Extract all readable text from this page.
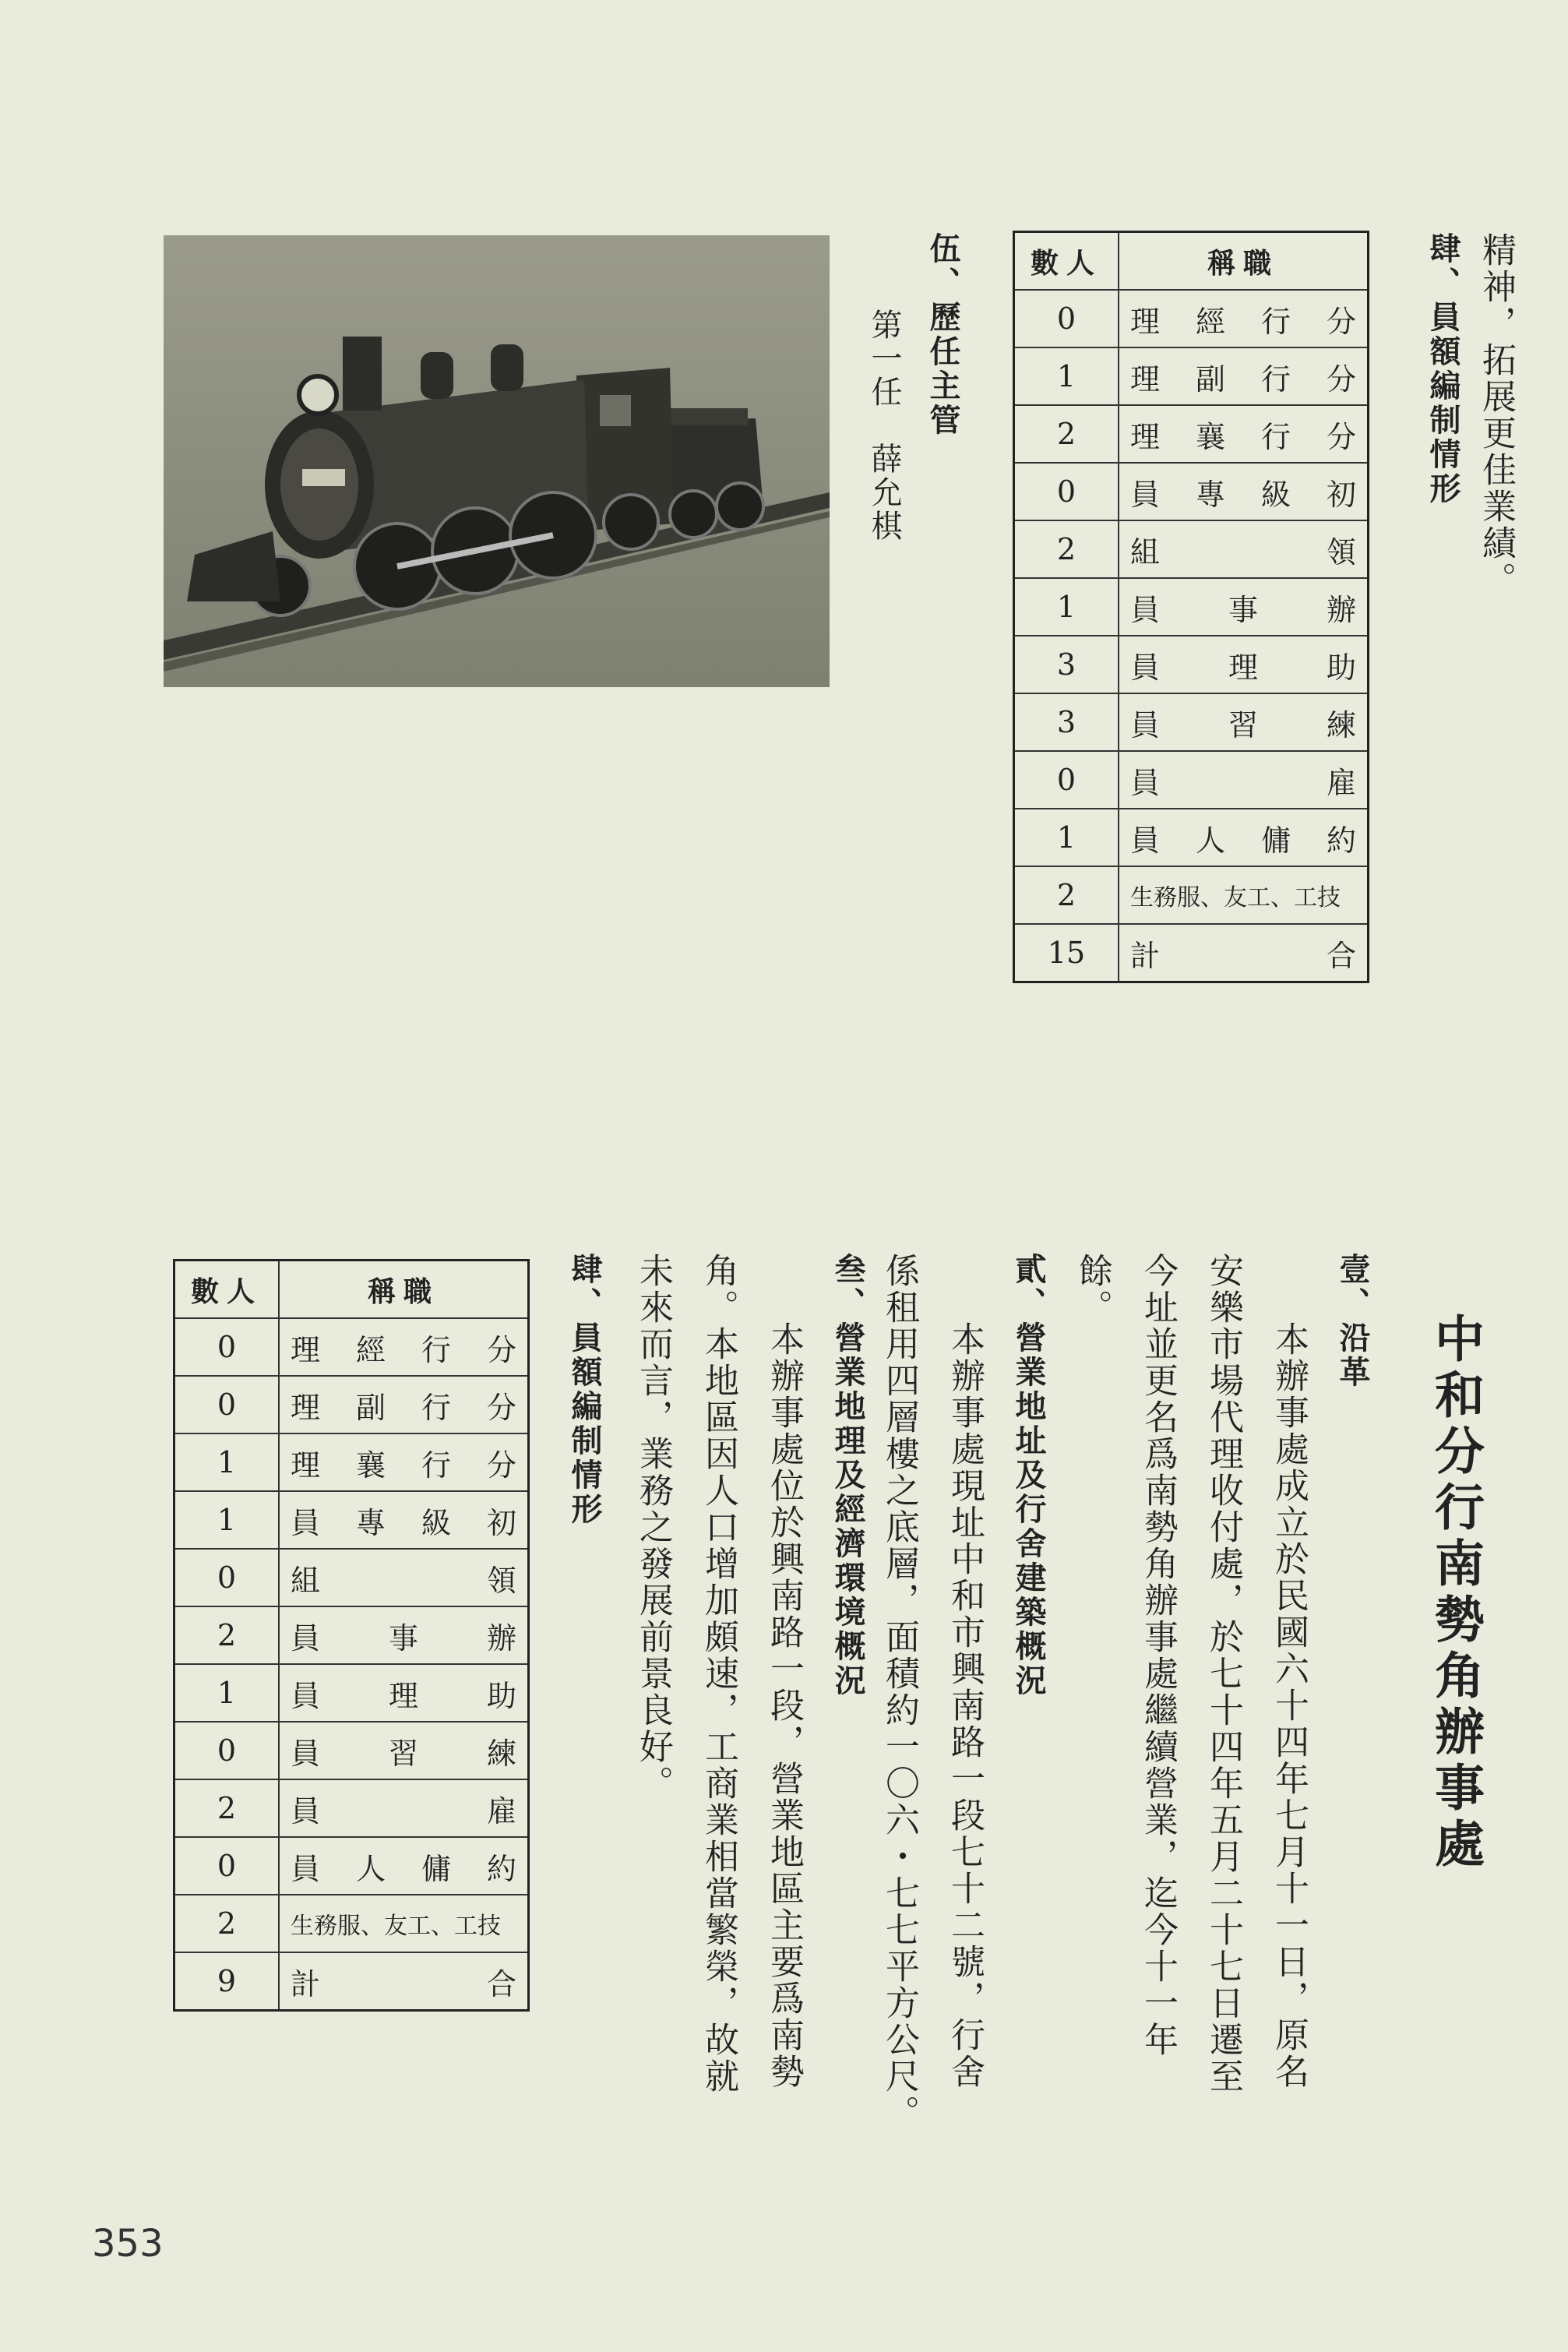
精神，拓展更佳業績。
肆、員額編制情形
數人	稱職
0	理 經 行 分

1	理 副 行 分

2	理 襄 行 分

0	員 專 級 初

2	組 領

1	員 事 辦

3	員 理 助

3	員 習 練

0	員 雇

1	員 人 傭 約

2	生務服、友工、工技

15	計 合
伍、歷任主管
第一任　薛允棋
中和分行南勢角辦事處
壹、沿革
本辦事處成立於民國六十四年七月十一日，原名
安樂市場代理收付處，於七十四年五月二十七日遷至
今址並更名爲南勢角辦事處繼續營業，迄今十一年
餘。
貳、營業地址及行舍建築概況
本辦事處現址中和市興南路一段七十二號，行舍
係租用四層樓之底層，面積約一〇六・七七平方公尺。
叁、營業地理及經濟環境概況
本辦事處位於興南路一段，營業地區主要爲南勢
角。本地區因人口增加頗速，工商業相當繁榮，故就
未來而言，業務之發展前景良好。
肆、員額編制情形
數人	稱職
0	理 經 行 分

0	理 副 行 分

1	理 襄 行 分

1	員 專 級 初

0	組 領

2	員 事 辦

1	員 理 助

0	員 習 練

2	員 雇

0	員 人 傭 約

2	生務服、友工、工技

9	計 合
353
